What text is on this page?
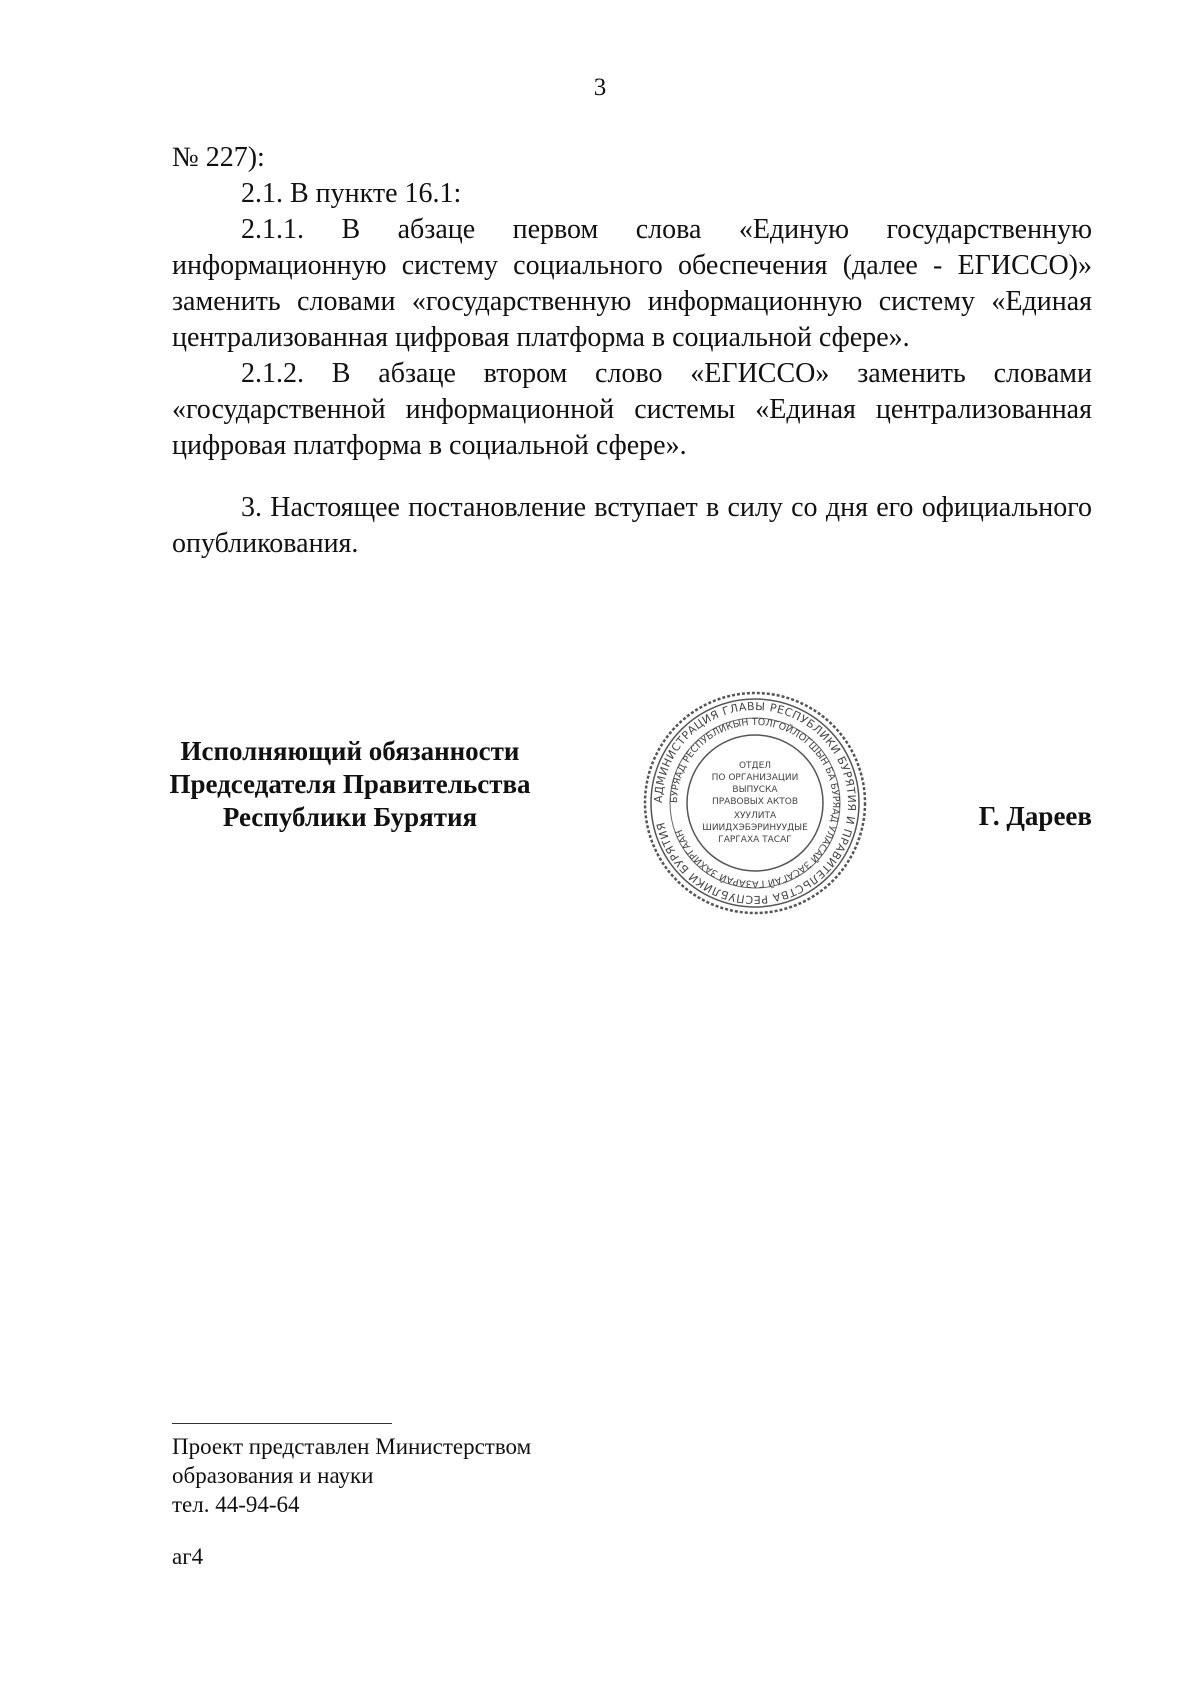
3

№ 227):

2.1. В пункте 16.1:

2.1.1. В абзаце первом слова «Единую государственную информационную систему социального обеспечения (далее - ЕГИССО)» заменить словами «государственную информационную систему «Единая централизованная цифровая платформа в социальной сфере».

2.1.2. В абзаце втором слово «ЕГИССО» заменить словами «государственной информационной системы «Единая централизованная цифровая платформа в социальной сфере».

3. Настоящее постановление вступает в силу со дня его официального опубликования.

Исполняющий обязанности
Председателя Правительства
Республики Бурятия
АДМИНИСТРАЦИЯ ГЛАВЫ РЕСПУБЛИКИ БУРЯТИЯ И ПРАВИТЕЛЬСТВА РЕСПУБЛИКИ БУРЯТИЯ
БУРЯАД РЕСПУБЛИКЫН ТОЛГОЙЛОГШЫН БА БУРЯАД УЛАСАЙ ЗАСАГАЙ ГАЗАРАЙ ЗАХИРГААН
ОТДЕЛ
ПО ОРГАНИЗАЦИИ
ВЫПУСКА
ПРАВОВЫХ АКТОВ
ХУУЛИТА
ШИИДХЭБЭРИНУУДЫЕ
ГАРГАХА ТАСАГ
Г. Дареев

Проект представлен Министерством

образования и науки

тел. 44-94-64

аг4
